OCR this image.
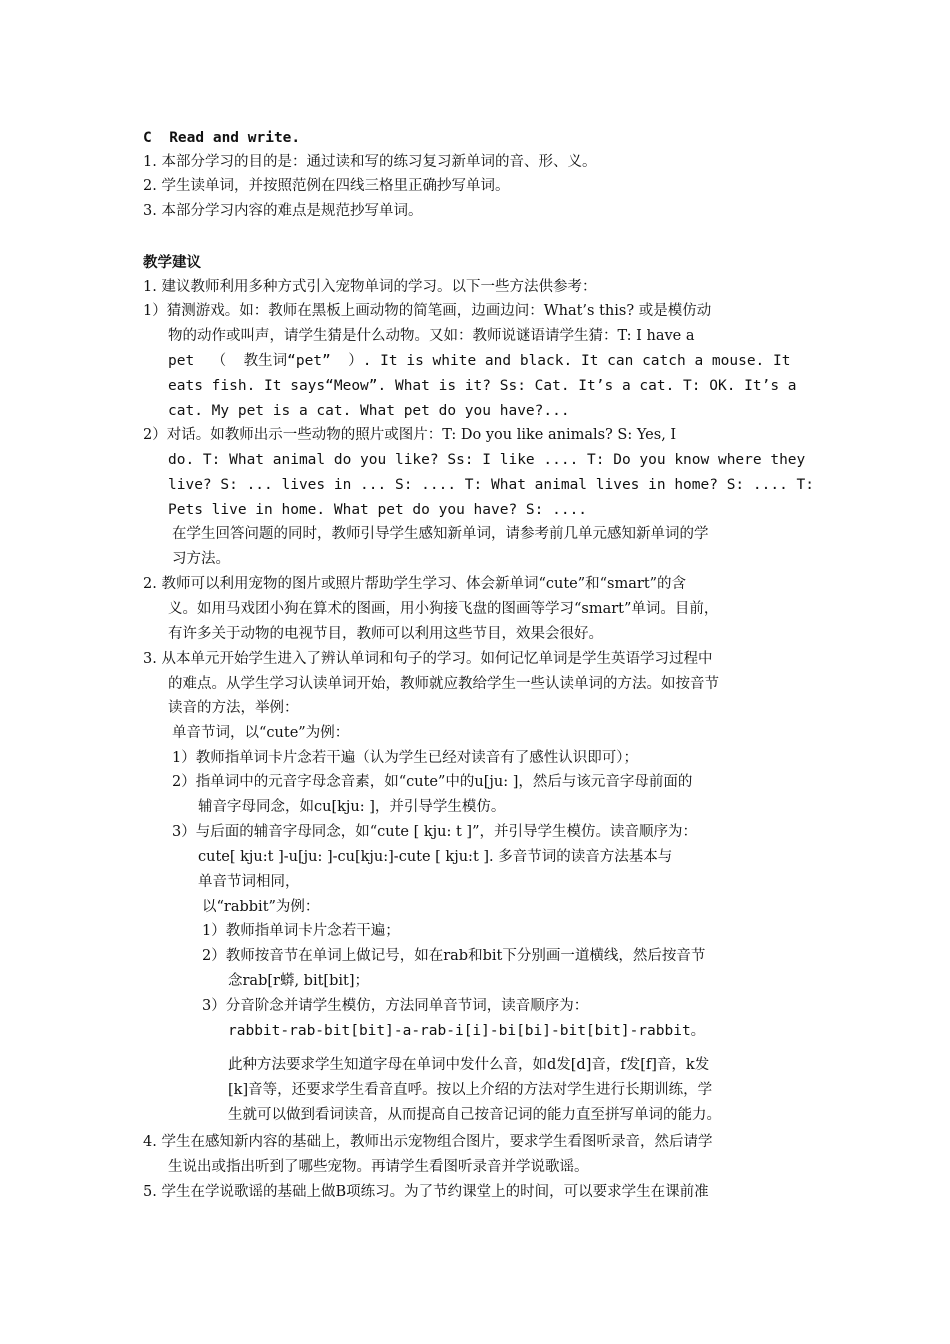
C  Read and write.
1. 本部分学习的目的是：通过读和写的练习复习新单词的音、形、义。
2. 学生读单词，并按照范例在四线三格里正确抄写单词。
3. 本部分学习内容的难点是规范抄写单词。
教学建议
1. 建议教师利用多种方式引入宠物单词的学习。以下一些方法供参考：
1）猜测游戏。如：教师在黑板上画动物的简笔画，边画边问：What’s this? 或是模仿动
物的动作或叫声，请学生猜是什么动物。又如：教师说谜语请学生猜：T: I have a
pet  （  教生词“pet”  ）. It is white and black. It can catch a mouse. It
eats fish. It says“Meow”. What is it? Ss: Cat. It’s a cat. T: OK. It’s a
cat. My pet is a cat. What pet do you have?...
2）对话。如教师出示一些动物的照片或图片：T: Do you like animals? S: Yes, I
do. T: What animal do you like? Ss: I like .... T: Do you know where they
live? S: ... lives in ... S: .... T: What animal lives in home? S: .... T:
Pets live in home. What pet do you have? S: ....
在学生回答问题的同时，教师引导学生感知新单词，请参考前几单元感知新单词的学
习方法。
2. 教师可以利用宠物的图片或照片帮助学生学习、体会新单词“cute”和“smart”的含
义。如用马戏团小狗在算术的图画，用小狗接飞盘的图画等学习“smart”单词。目前，
有许多关于动物的电视节目，教师可以利用这些节目，效果会很好。
3. 从本单元开始学生进入了辨认单词和句子的学习。如何记忆单词是学生英语学习过程中
的难点。从学生学习认读单词开始，教师就应教给学生一些认读单词的方法。如按音节
读音的方法，举例：
单音节词，以“cute”为例：
1）教师指单词卡片念若干遍（认为学生已经对读音有了感性认识即可）；
2）指单词中的元音字母念音素，如“cute”中的u[ju: ]，然后与该元音字母前面的
辅音字母同念，如cu[kju: ]，并引导学生模仿。
3）与后面的辅音字母同念，如“cute [ kju: t ]”，并引导学生模仿。读音顺序为：
cute[ kju:t ]-u[ju: ]-cu[kju:]-cute [ kju:t ]. 多音节词的读音方法基本与
单音节词相同，
以“rabbit”为例：
1）教师指单词卡片念若干遍；
2）教师按音节在单词上做记号，如在rab和bit下分别画一道横线，然后按音节
念rab[r蟒, bit[bit]；
3）分音阶念并请学生模仿，方法同单音节词，读音顺序为：
rabbit-rab-bit[bit]-a-rab-i[i]-bi[bi]-bit[bit]-rabbit。
此种方法要求学生知道字母在单词中发什么音，如d发[d]音，f发[f]音，k发
[k]音等，还要求学生看音直呼。按以上介绍的方法对学生进行长期训练，学
生就可以做到看词读音，从而提高自己按音记词的能力直至拼写单词的能力。
4. 学生在感知新内容的基础上，教师出示宠物组合图片，要求学生看图听录音，然后请学
生说出或指出听到了哪些宠物。再请学生看图听录音并学说歌谣。
5. 学生在学说歌谣的基础上做B项练习。为了节约课堂上的时间，可以要求学生在课前准
